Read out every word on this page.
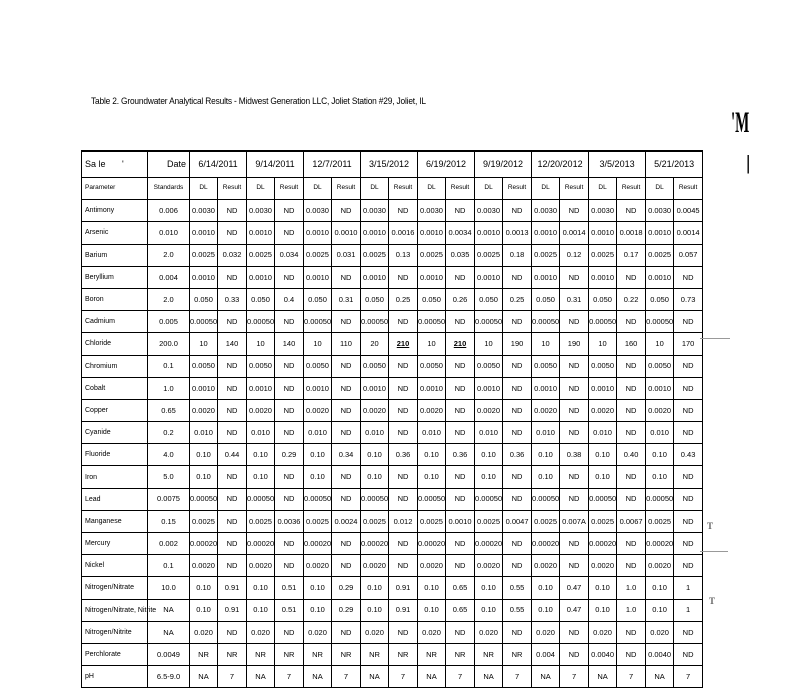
Table 2. Groundwater Analytical Results - Midwest Generation LLC, Joliet Station #29, Joliet, IL
Sa le '	Date	6/14/2011		9/14/2011		12/7/2011		3/15/2012		6/19/2012		9/19/2012		12/20/2012		3/5/2013		5/21/2013	
Parameter	Standards	DL	Result	DL	Result	DL	Result	DL	Result	DL	Result	DL	Result	DL	Result	DL	Result	DL	Result
Antimony	0.006	0.0030	ND	0.0030	ND	0.0030	ND	0.0030	ND	0.0030	ND	0.0030	ND	0.0030	ND	0.0030	ND	0.0030	0.0045
Arsenic	0.010	0.0010	ND	0.0010	ND	0.0010	0.0010	0.0010	0.0016	0.0010	0.0034	0.0010	0.0013	0.0010	0.0014	0.0010	0.0018	0.0010	0.0014
Barium	2.0	0.0025	0.032	0.0025	0.034	0.0025	0.031	0.0025	0.13	0.0025	0.035	0.0025	0.18	0.0025	0.12	0.0025	0.17	0.0025	0.057
Beryllium	0.004	0.0010	ND	0.0010	ND	0.0010	ND	0.0010	ND	0.0010	ND	0.0010	ND	0.0010	ND	0.0010	ND	0.0010	ND
Boron	2.0	0.050	0.33	0.050	0.4	0.050	0.31	0.050	0.25	0.050	0.26	0.050	0.25	0.050	0.31	0.050	0.22	0.050	0.73
Cadmium	0.005	0.00050	ND	0.00050	ND	0.00050	ND	0.00050	ND	0.00050	ND	0.00050	ND	0.00050	ND	0.00050	ND	0.00050	ND
Chloride	200.0	10	140	10	140	10	110	20	210	10	210	10	190	10	190	10	160	10	170
Chromium	0.1	0.0050	ND	0.0050	ND	0.0050	ND	0.0050	ND	0.0050	ND	0.0050	ND	0.0050	ND	0.0050	ND	0.0050	ND
Cobalt	1.0	0.0010	ND	0.0010	ND	0.0010	ND	0.0010	ND	0.0010	ND	0.0010	ND	0.0010	ND	0.0010	ND	0.0010	ND
Copper	0.65	0.0020	ND	0.0020	ND	0.0020	ND	0.0020	ND	0.0020	ND	0.0020	ND	0.0020	ND	0.0020	ND	0.0020	ND
Cyanide	0.2	0.010	ND	0.010	ND	0.010	ND	0.010	ND	0.010	ND	0.010	ND	0.010	ND	0.010	ND	0.010	ND
Fluoride	4.0	0.10	0.44	0.10	0.29	0.10	0.34	0.10	0.36	0.10	0.36	0.10	0.36	0.10	0.38	0.10	0.40	0.10	0.43
Iron	5.0	0.10	ND	0.10	ND	0.10	ND	0.10	ND	0.10	ND	0.10	ND	0.10	ND	0.10	ND	0.10	ND
Lead	0.0075	0.00050	ND	0.00050	ND	0.00050	ND	0.00050	ND	0.00050	ND	0.00050	ND	0.00050	ND	0.00050	ND	0.00050	ND
Manganese	0.15	0.0025	ND	0.0025	0.0036	0.0025	0.0024	0.0025	0.012	0.0025	0.0010	0.0025	0.0047	0.0025	0.007A	0.0025	0.0067	0.0025	ND
Mercury	0.002	0.00020	ND	0.00020	ND	0.00020	ND	0.00020	ND	0.00020	ND	0.00020	ND	0.00020	ND	0.00020	ND	0.00020	ND
Nickel	0.1	0.0020	ND	0.0020	ND	0.0020	ND	0.0020	ND	0.0020	ND	0.0020	ND	0.0020	ND	0.0020	ND	0.0020	ND
Nitrogen/Nitrate	10.0	0.10	0.91	0.10	0.51	0.10	0.29	0.10	0.91	0.10	0.65	0.10	0.55	0.10	0.47	0.10	1.0	0.10	1
Nitrogen/Nitrate, Nitrite	NA	0.10	0.91	0.10	0.51	0.10	0.29	0.10	0.91	0.10	0.65	0.10	0.55	0.10	0.47	0.10	1.0	0.10	1
Nitrogen/Nitrite	NA	0.020	ND	0.020	ND	0.020	ND	0.020	ND	0.020	ND	0.020	ND	0.020	ND	0.020	ND	0.020	ND
Perchlorate	0.0049	NR	NR	NR	NR	NR	NR	NR	NR	NR	NR	NR	NR	0.004	ND	0.0040	ND	0.0040	ND
pH	6.5-9.0	NA	7	NA	7	NA	7	NA	7	NA	7	NA	7	NA	7	NA	7	NA	7
'M
|
T
T
